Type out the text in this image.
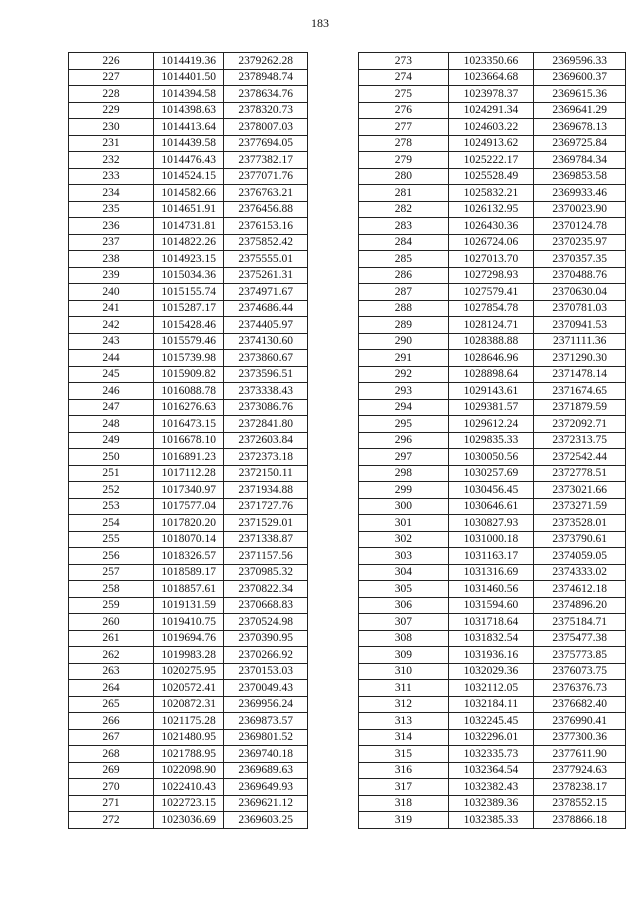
183
226	1014419.36	2379262.28
227	1014401.50	2378948.74
228	1014394.58	2378634.76
229	1014398.63	2378320.73
230	1014413.64	2378007.03
231	1014439.58	2377694.05
232	1014476.43	2377382.17
233	1014524.15	2377071.76
234	1014582.66	2376763.21
235	1014651.91	2376456.88
236	1014731.81	2376153.16
237	1014822.26	2375852.42
238	1014923.15	2375555.01
239	1015034.36	2375261.31
240	1015155.74	2374971.67
241	1015287.17	2374686.44
242	1015428.46	2374405.97
243	1015579.46	2374130.60
244	1015739.98	2373860.67
245	1015909.82	2373596.51
246	1016088.78	2373338.43
247	1016276.63	2373086.76
248	1016473.15	2372841.80
249	1016678.10	2372603.84
250	1016891.23	2372373.18
251	1017112.28	2372150.11
252	1017340.97	2371934.88
253	1017577.04	2371727.76
254	1017820.20	2371529.01
255	1018070.14	2371338.87
256	1018326.57	2371157.56
257	1018589.17	2370985.32
258	1018857.61	2370822.34
259	1019131.59	2370668.83
260	1019410.75	2370524.98
261	1019694.76	2370390.95
262	1019983.28	2370266.92
263	1020275.95	2370153.03
264	1020572.41	2370049.43
265	1020872.31	2369956.24
266	1021175.28	2369873.57
267	1021480.95	2369801.52
268	1021788.95	2369740.18
269	1022098.90	2369689.63
270	1022410.43	2369649.93
271	1022723.15	2369621.12
272	1023036.69	2369603.25
273	1023350.66	2369596.33
274	1023664.68	2369600.37
275	1023978.37	2369615.36
276	1024291.34	2369641.29
277	1024603.22	2369678.13
278	1024913.62	2369725.84
279	1025222.17	2369784.34
280	1025528.49	2369853.58
281	1025832.21	2369933.46
282	1026132.95	2370023.90
283	1026430.36	2370124.78
284	1026724.06	2370235.97
285	1027013.70	2370357.35
286	1027298.93	2370488.76
287	1027579.41	2370630.04
288	1027854.78	2370781.03
289	1028124.71	2370941.53
290	1028388.88	2371111.36
291	1028646.96	2371290.30
292	1028898.64	2371478.14
293	1029143.61	2371674.65
294	1029381.57	2371879.59
295	1029612.24	2372092.71
296	1029835.33	2372313.75
297	1030050.56	2372542.44
298	1030257.69	2372778.51
299	1030456.45	2373021.66
300	1030646.61	2373271.59
301	1030827.93	2373528.01
302	1031000.18	2373790.61
303	1031163.17	2374059.05
304	1031316.69	2374333.02
305	1031460.56	2374612.18
306	1031594.60	2374896.20
307	1031718.64	2375184.71
308	1031832.54	2375477.38
309	1031936.16	2375773.85
310	1032029.36	2376073.75
311	1032112.05	2376376.73
312	1032184.11	2376682.40
313	1032245.45	2376990.41
314	1032296.01	2377300.36
315	1032335.73	2377611.90
316	1032364.54	2377924.63
317	1032382.43	2378238.17
318	1032389.36	2378552.15
319	1032385.33	2378866.18
